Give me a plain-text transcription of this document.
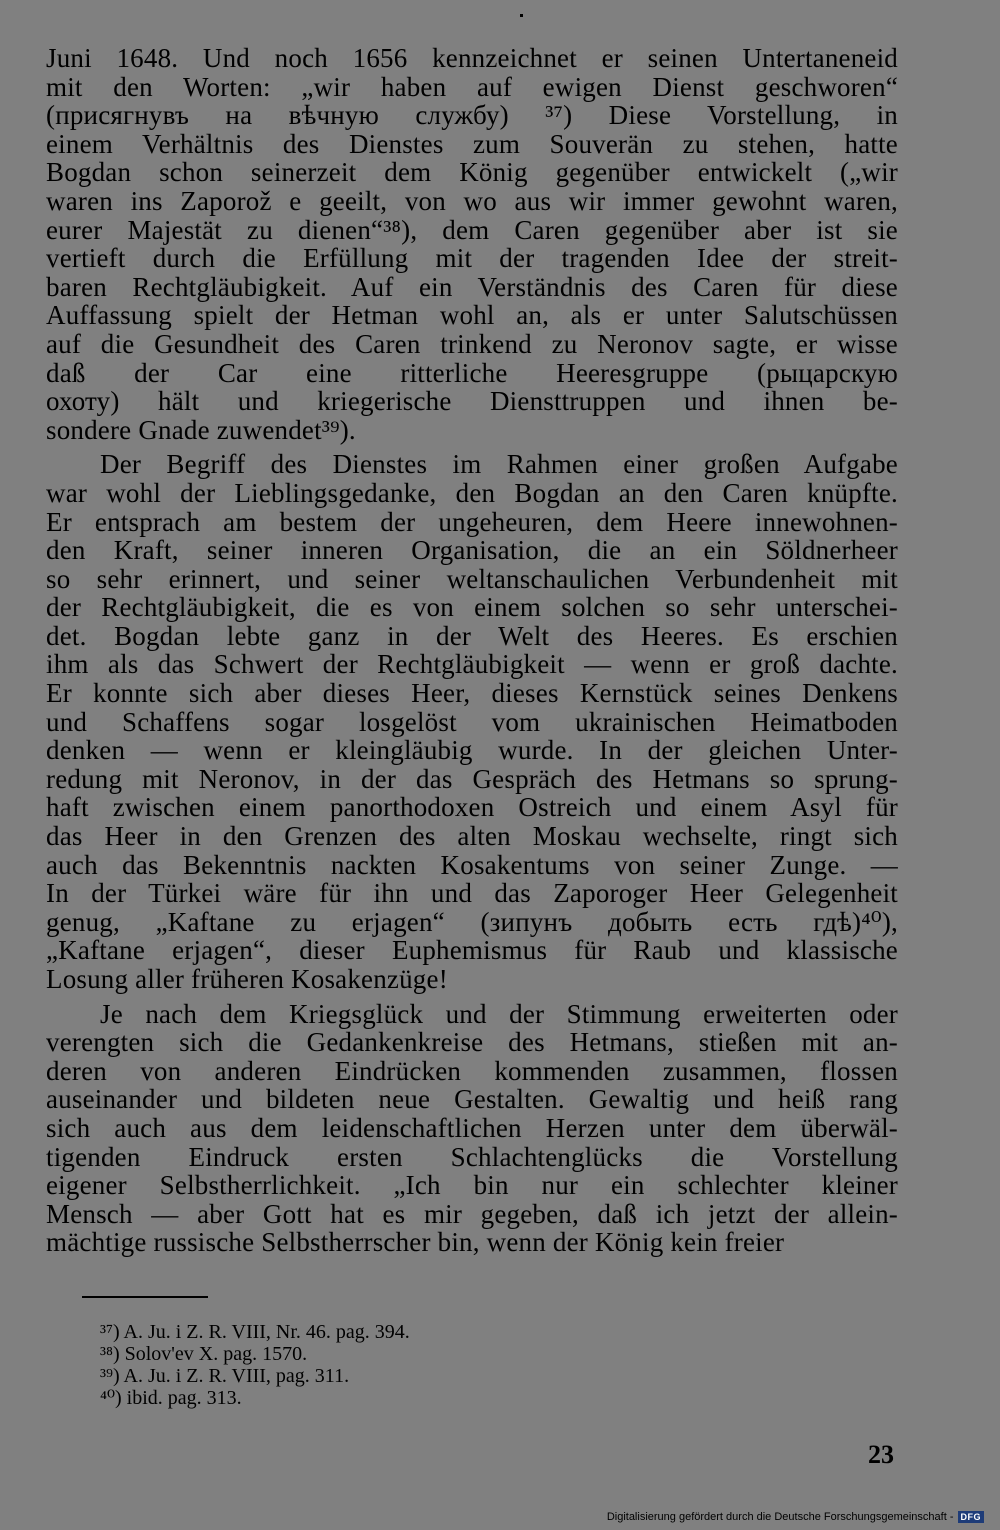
Juni 1648. Und noch 1656 kennzeichnet er seinen Untertaneneid
mit den Worten: „wir haben auf ewigen Dienst geschworen“
(присягнувъ на вѣчную службу) ³⁷) Diese Vorstellung, in
einem Verhältnis des Dienstes zum Souverän zu stehen, hatte
Bogdan schon seinerzeit dem König gegenüber entwickelt („wir
waren ins Zaporož e geeilt, von wo aus wir immer gewohnt waren,
eurer Majestät zu dienen“³⁸), dem Caren gegenüber aber ist sie
vertieft durch die Erfüllung mit der tragenden Idee der streit-
baren Rechtgläubigkeit. Auf ein Verständnis des Caren für diese
Auffassung spielt der Hetman wohl an, als er unter Salutschüssen
auf die Gesundheit des Caren trinkend zu Neronov sagte, er wisse
daß der Car eine ritterliche Heeresgruppe (рыцарскую
охоту) hält und kriegerische Diensttruppen und ihnen be-
sondere Gnade zuwendet³⁹).
Der Begriff des Dienstes im Rahmen einer großen Aufgabe
war wohl der Lieblingsgedanke, den Bogdan an den Caren knüpfte.
Er entsprach am bestem der ungeheuren, dem Heere innewohnen-
den Kraft, seiner inneren Organisation, die an ein Söldnerheer
so sehr erinnert, und seiner weltanschaulichen Verbundenheit mit
der Rechtgläubigkeit, die es von einem solchen so sehr unterschei-
det. Bogdan lebte ganz in der Welt des Heeres. Es erschien
ihm als das Schwert der Rechtgläubigkeit — wenn er groß dachte.
Er konnte sich aber dieses Heer, dieses Kernstück seines Denkens
und Schaffens sogar losgelöst vom ukrainischen Heimatboden
denken — wenn er kleingläubig wurde. In der gleichen Unter-
redung mit Neronov, in der das Gespräch des Hetmans so sprung-
haft zwischen einem panorthodoxen Ostreich und einem Asyl für
das Heer in den Grenzen des alten Moskau wechselte, ringt sich
auch das Bekenntnis nackten Kosakentums von seiner Zunge. —
In der Türkei wäre für ihn und das Zaporoger Heer Gelegenheit
genug, „Kaftane zu erjagen“ (зипунъ добыть есть гдѣ)⁴⁰),
„Kaftane erjagen“, dieser Euphemismus für Raub und klassische
Losung aller früheren Kosakenzüge!
Je nach dem Kriegsglück und der Stimmung erweiterten oder
verengten sich die Gedankenkreise des Hetmans, stießen mit an-
deren von anderen Eindrücken kommenden zusammen, flossen
auseinander und bildeten neue Gestalten. Gewaltig und heiß rang
sich auch aus dem leidenschaftlichen Herzen unter dem überwäl-
tigenden Eindruck ersten Schlachtenglücks die Vorstellung
eigener Selbstherrlichkeit. „Ich bin nur ein schlechter kleiner
Mensch — aber Gott hat es mir gegeben, daß ich jetzt der allein-
mächtige russische Selbstherrscher bin, wenn der König kein freier
³⁷) A. Ju. i Z. R. VIII, Nr. 46. pag. 394.
³⁸) Solov'ev X. pag. 1570.
³⁹) A. Ju. i Z. R. VIII, pag. 311.
⁴⁰) ibid. pag. 313.
23
Digitalisierung gefördert durch die Deutsche Forschungsgemeinschaft - DFG
